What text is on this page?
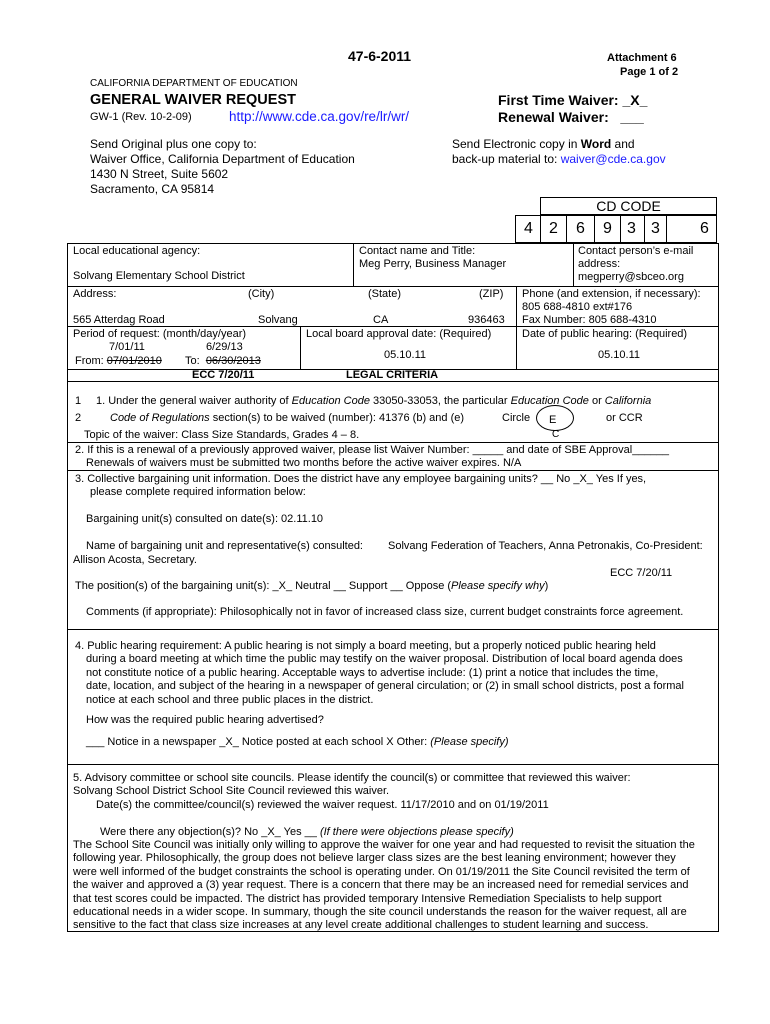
47-6-2011	Attachment 6
Page 1 of 2
CALIFORNIA DEPARTMENT OF EDUCATION
GENERAL WAIVER REQUEST
GW-1 (Rev. 10-2-09)	http://www.cde.ca.gov/re/lr/wr/
First Time Waiver: _X_
Renewal Waiver: ___
Send Original plus one copy to:
Waiver Office, California Department of Education
1430 N Street, Suite 5602
Sacramento, CA 95814
Send Electronic copy in Word and
back-up material to: waiver@cde.ca.gov
CD CODE
4	2	6	9 3 3	6
Local educational agency:
Solvang Elementary School District
Contact name and Title:
Meg Perry, Business Manager
Contact person’s e-mail
address:
megperry@sbceo.org
Address:	(City)	(State)	(ZIP)
565 Atterdag Road	Solvang	CA	936463
Phone (and extension, if necessary):
805 688-4810 ext#176
Fax Number: 805 688-4310
Period of request: (month/day/year)
7/01/11	6/29/13
From: 07/01/2010 To: 06/30/2013
Local board approval date: (Required)
05.10.11
Date of public hearing: (Required)
05.10.11
ECC 7/20/11	LEGAL CRITERIA
1 1. Under the general waiver authority of Education Code 33050-33053, the particular Education Code or California
2	Code of Regulations section(s) to be waived (number): 41376 (b) and (e)	Circle E	or CCR
C
Topic of the waiver: Class Size Standards, Grades 4 – 8.
2. If this is a renewal of a previously approved waiver, please list Waiver Number: _____ and date of SBE Approval______
Renewals of waivers must be submitted two months before the active waiver expires. N/A
3. Collective bargaining unit information. Does the district have any employee bargaining units? __ No _X_ Yes If yes,
please complete required information below:
Bargaining unit(s) consulted on date(s): 02.11.10
Name of bargaining unit and representative(s) consulted: Solvang Federation of Teachers, Anna Petronakis, Co-President:
Allison Acosta, Secretary.
ECC 7/20/11
The position(s) of the bargaining unit(s): _X_ Neutral __ Support __ Oppose (Please specify why)
Comments (if appropriate): Philosophically not in favor of increased class size, current budget constraints force agreement.
4. Public hearing requirement: A public hearing is not simply a board meeting, but a properly noticed public hearing held
during a board meeting at which time the public may testify on the waiver proposal. Distribution of local board agenda does
not constitute notice of a public hearing. Acceptable ways to advertise include: (1) print a notice that includes the time,
date, location, and subject of the hearing in a newspaper of general circulation; or (2) in small school districts, post a formal
notice at each school and three public places in the district.
How was the required public hearing advertised?
___ Notice in a newspaper _X_ Notice posted at each school X Other: (Please specify)
5. Advisory committee or school site councils. Please identify the council(s) or committee that reviewed this waiver:
Solvang School District School Site Council reviewed this waiver.
Date(s) the committee/council(s) reviewed the waiver request. 11/17/2010 and on 01/19/2011
Were there any objection(s)? No _X_ Yes __ (If there were objections please specify)
The School Site Council was initially only willing to approve the waiver for one year and had requested to revisit the situation the
following year. Philosophically, the group does not believe larger class sizes are the best leaning environment; however they
were well informed of the budget constraints the school is operating under. On 01/19/2011 the Site Council revisited the term of
the waiver and approved a (3) year request. There is a concern that there may be an increased need for remedial services and
that test scores could be impacted. The district has provided temporary Intensive Remediation Specialists to help support
educational needs in a wider scope. In summary, though the site council understands the reason for the waiver request, all are
sensitive to the fact that class size increases at any level create additional challenges to student learning and success.
